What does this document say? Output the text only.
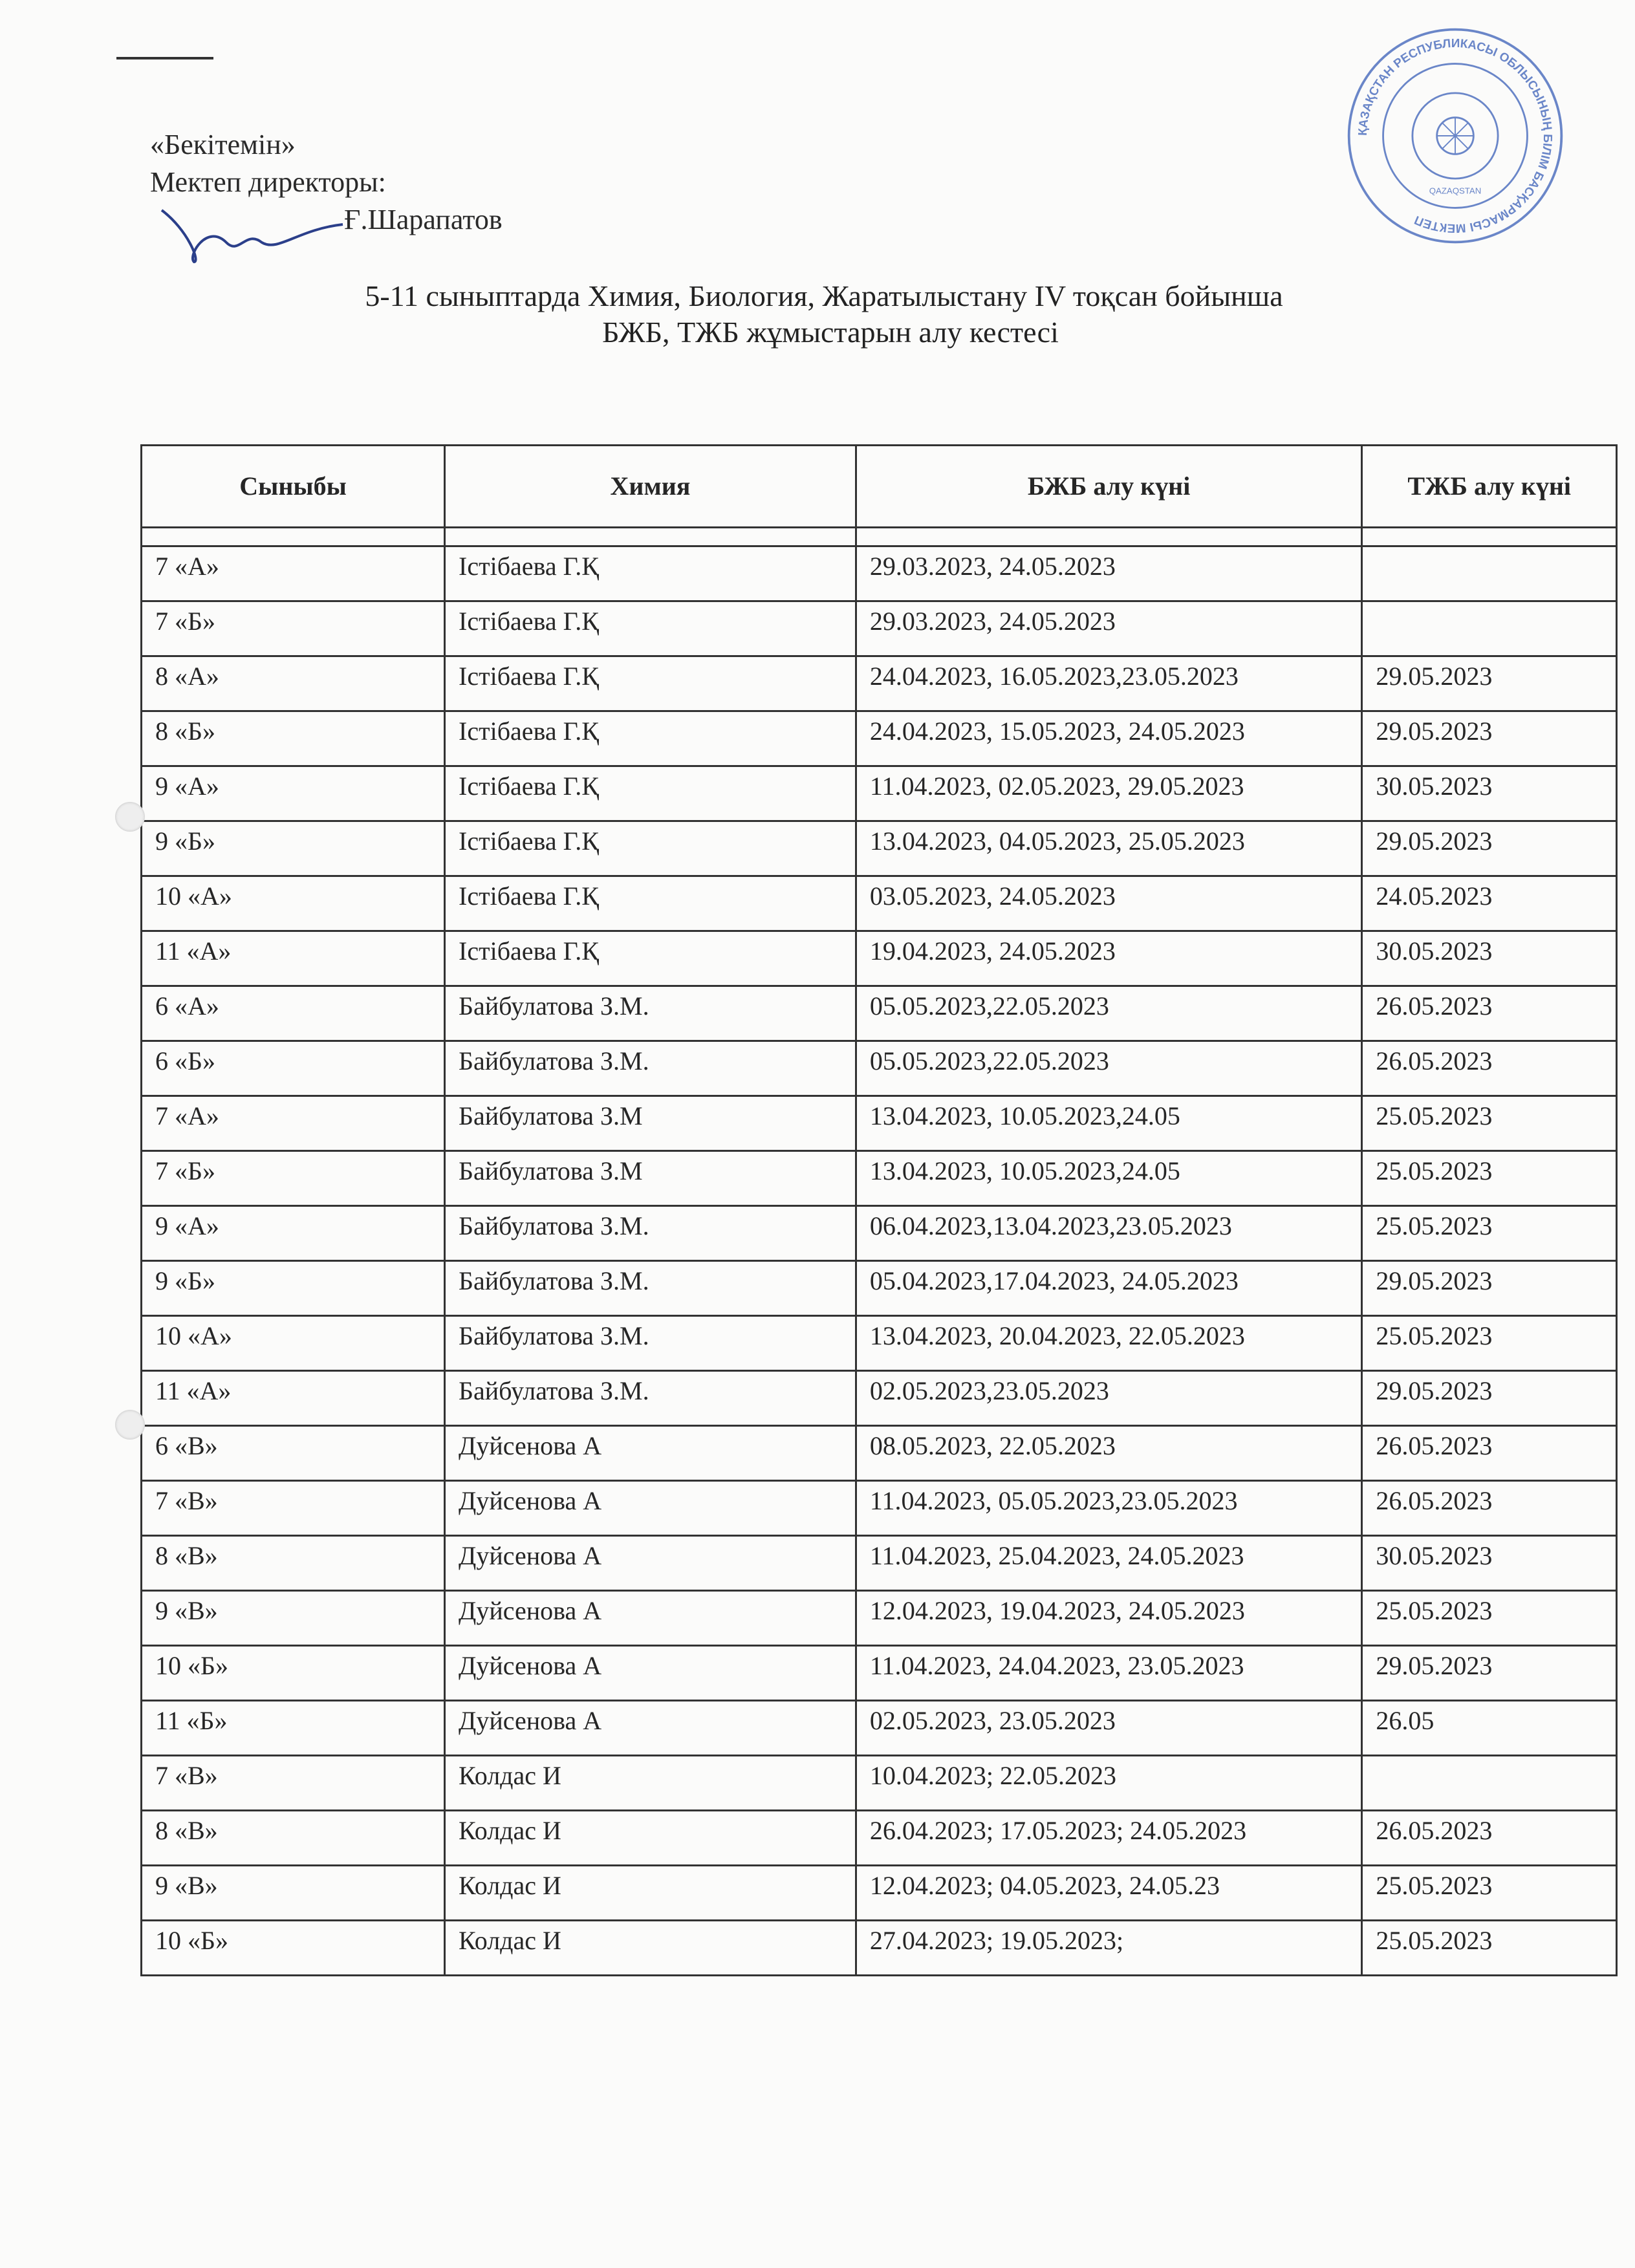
ҚАЗАҚСТАН РЕСПУБЛИКАСЫ ОБЛЫСЫНЫҢ БІЛІМ БАСҚАРМАСЫ МЕКТЕП
QAZAQSTAN
«Бекітемін»
Мектеп директоры:
Ғ.Шарапатов
5-11 сыныптарда Химия, Биология, Жаратылыстану IV тоқсан бойынша
БЖБ, ТЖБ жұмыстарын алу кестесі
Сыныбы	Химия	БЖБ алу күні	ТЖБ алу күні

7 «А»	Істібаева Г.Қ	29.03.2023, 24.05.2023	
7 «Б»	Істібаева Г.Қ	29.03.2023, 24.05.2023	
8 «А»	Істібаева Г.Қ	24.04.2023, 16.05.2023,23.05.2023	29.05.2023
8 «Б»	Істібаева Г.Қ	24.04.2023, 15.05.2023, 24.05.2023	29.05.2023
9 «А»	Істібаева Г.Қ	11.04.2023, 02.05.2023, 29.05.2023	30.05.2023
9 «Б»	Істібаева Г.Қ	13.04.2023, 04.05.2023, 25.05.2023	29.05.2023
10 «А»	Істібаева Г.Қ	03.05.2023, 24.05.2023	24.05.2023
11 «А»	Істібаева Г.Қ	19.04.2023, 24.05.2023	30.05.2023
6 «А»	Байбулатова З.М.	05.05.2023,22.05.2023	26.05.2023
6 «Б»	Байбулатова З.М.	05.05.2023,22.05.2023	26.05.2023
7 «А»	Байбулатова З.М	13.04.2023, 10.05.2023,24.05	25.05.2023
7 «Б»	Байбулатова З.М	13.04.2023, 10.05.2023,24.05	25.05.2023
9 «А»	Байбулатова З.М.	06.04.2023,13.04.2023,23.05.2023	25.05.2023
9 «Б»	Байбулатова З.М.	05.04.2023,17.04.2023, 24.05.2023	29.05.2023
10 «А»	Байбулатова З.М.	13.04.2023, 20.04.2023, 22.05.2023	25.05.2023
11 «А»	Байбулатова З.М.	02.05.2023,23.05.2023	29.05.2023
6 «В»	Дуйсенова А	08.05.2023, 22.05.2023	26.05.2023
7 «В»	Дуйсенова А	11.04.2023, 05.05.2023,23.05.2023	26.05.2023
8 «В»	Дуйсенова А	11.04.2023, 25.04.2023, 24.05.2023	30.05.2023
9 «В»	Дуйсенова А	12.04.2023, 19.04.2023, 24.05.2023	25.05.2023
10 «Б»	Дуйсенова А	11.04.2023, 24.04.2023, 23.05.2023	29.05.2023
11 «Б»	Дуйсенова А	02.05.2023, 23.05.2023	26.05
7 «В»	Колдас И	10.04.2023; 22.05.2023	
8 «В»	Колдас И	26.04.2023; 17.05.2023; 24.05.2023	26.05.2023
9 «В»	Колдас И	12.04.2023; 04.05.2023, 24.05.23	25.05.2023
10 «Б»	Колдас И	27.04.2023; 19.05.2023;	25.05.2023
